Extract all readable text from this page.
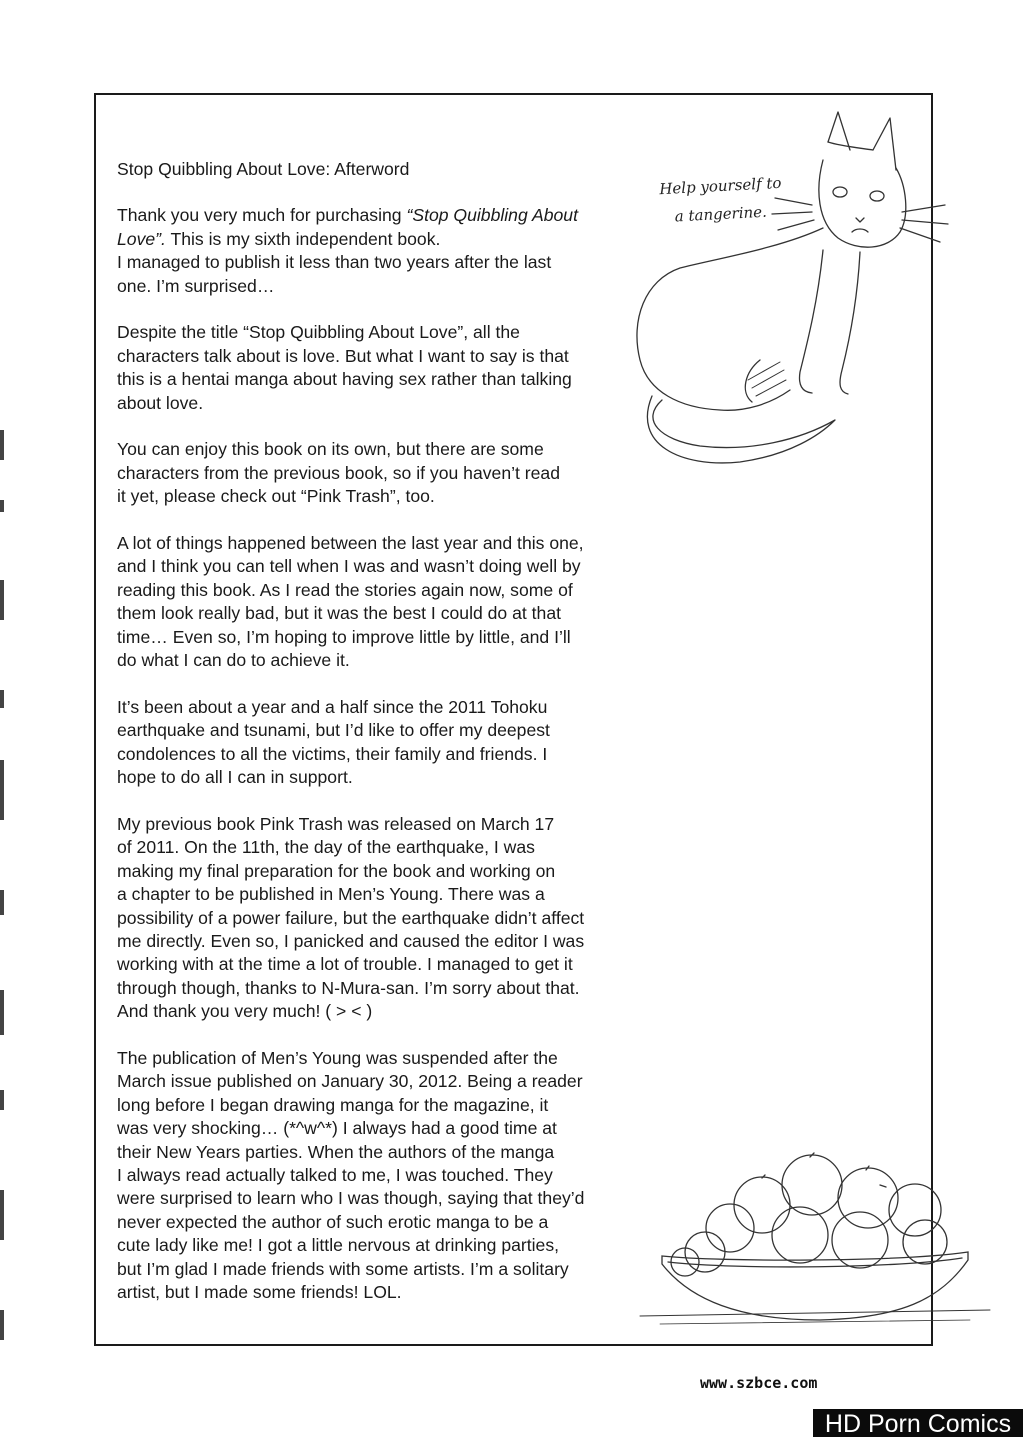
Stop Quibbling About Love: Afterword

Thank you very much for purchasing “Stop Quibbling About
Love”. This is my sixth independent book.
I managed to publish it less than two years after the last
one. I’m surprised…

Despite the title “Stop Quibbling About Love”, all the
characters talk about is love. But what I want to say is that
this is a hentai manga about having sex rather than talking
about love.

You can enjoy this book on its own, but there are some
characters from the previous book, so if you haven’t read
it yet, please check out “Pink Trash”, too.

A lot of things happened between the last year and this one,
and I think you can tell when I was and wasn’t doing well by
reading this book. As I read the stories again now, some of
them look really bad, but it was the best I could do at that
time… Even so, I’m hoping to improve little by little, and I’ll
do what I can do to achieve it.

It’s been about a year and a half since the 2011 Tohoku
earthquake and tsunami, but I’d like to offer my deepest
condolences to all the victims, their family and friends. I
hope to do all I can in support.

My previous book Pink Trash was released on March 17
of 2011. On the 11th, the day of the earthquake, I was
making my final preparation for the book and working on
a chapter to be published in Men’s Young. There was a
possibility of a power failure, but the earthquake didn’t affect
me directly. Even so, I panicked and caused the editor I was
working with at the time a lot of trouble. I managed to get it
through though, thanks to N-Mura-san. I’m sorry about that.
And thank you very much! ( > < )

The publication of Men’s Young was suspended after the
March issue published on January 30, 2012. Being a reader
long before I began drawing manga for the magazine, it
was very shocking… (*^w^*) I always had a good time at
their New Years parties. When the authors of the manga
I always read actually talked to me, I was touched. They
were surprised to learn who I was though, saying that they’d
never expected the author of such erotic manga to be a
cute lady like me! I got a little nervous at drinking parties,
but I’m glad I made friends with some artists. I’m a solitary
artist, but I made some friends! LOL.

Help yourself to
a tangerine.
www.szbce.com
HD Porn Comics
